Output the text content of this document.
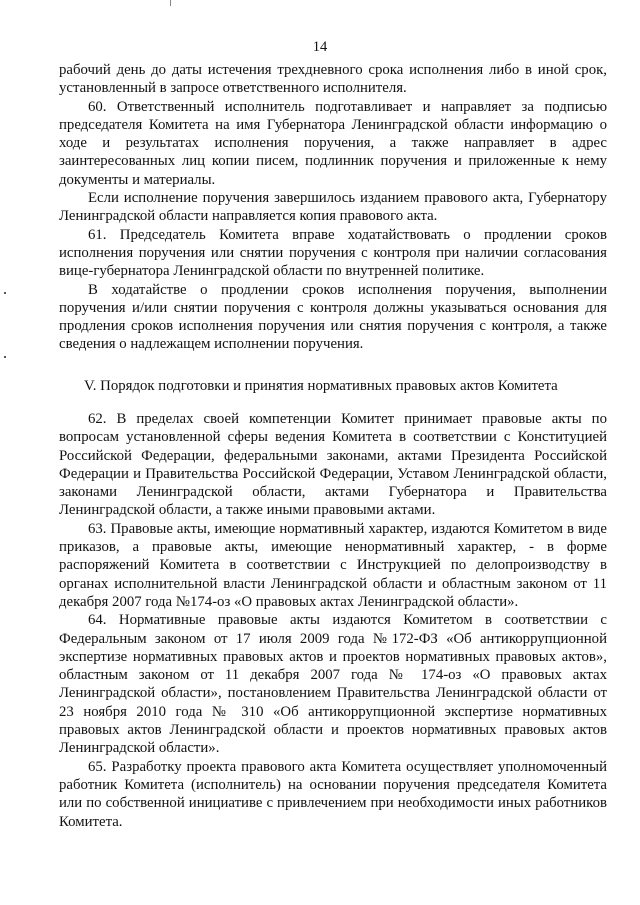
14

рабочий день до даты истечения трехдневного срока исполнения либо в иной срок, установленный в запросе ответственного исполнителя.

60. Ответственный исполнитель подготавливает и направляет за подписью председателя Комитета на имя Губернатора Ленинградской области информацию о ходе и результатах исполнения поручения, а также направляет в адрес заинтересованных лиц копии писем, подлинник поручения и приложенные к нему документы и материалы.

Если исполнение поручения завершилось изданием правового акта, Губернатору Ленинградской области направляется копия правового акта.

61. Председатель Комитета вправе ходатайствовать о продлении сроков исполнения поручения или снятии поручения с контроля при наличии согласования вице-губернатора Ленинградской области по внутренней политике.

В ходатайстве о продлении сроков исполнения поручения, выполнении поручения и/или снятии поручения с контроля должны указываться основания для продления сроков исполнения поручения или снятия поручения с контроля, а также сведения о надлежащем исполнении поручения.

V. Порядок подготовки и принятия нормативных правовых актов Комитета

62. В пределах своей компетенции Комитет принимает правовые акты по вопросам установленной сферы ведения Комитета в соответствии с Конституцией Российской Федерации, федеральными законами, актами Президента Российской Федерации и Правительства Российской Федерации, Уставом Ленинградской области, законами Ленинградской области, актами Губернатора и Правительства Ленинградской области, а также иными правовыми актами.

63. Правовые акты, имеющие нормативный характер, издаются Комитетом в виде приказов, а правовые акты, имеющие ненормативный характер, - в форме распоряжений Комитета в соответствии с Инструкцией по делопроизводству в органах исполнительной власти Ленинградской области и областным законом от 11 декабря 2007 года №174-оз «О правовых актах Ленинградской области».

64. Нормативные правовые акты издаются Комитетом в соответствии с Федеральным законом от 17 июля 2009 года №172-ФЗ «Об антикоррупционной экспертизе нормативных правовых актов и проектов нормативных правовых актов», областным законом от 11 декабря 2007 года № 174-оз «О правовых актах Ленинградской области», постановлением Правительства Ленинградской области от 23 ноября 2010 года № 310 «Об антикоррупционной экспертизе нормативных правовых актов Ленинградской области и проектов нормативных правовых актов Ленинградской области».

65. Разработку проекта правового акта Комитета осуществляет уполномоченный работник Комитета (исполнитель) на основании поручения председателя Комитета или по собственной инициативе с привлечением при необходимости иных работников Комитета.
